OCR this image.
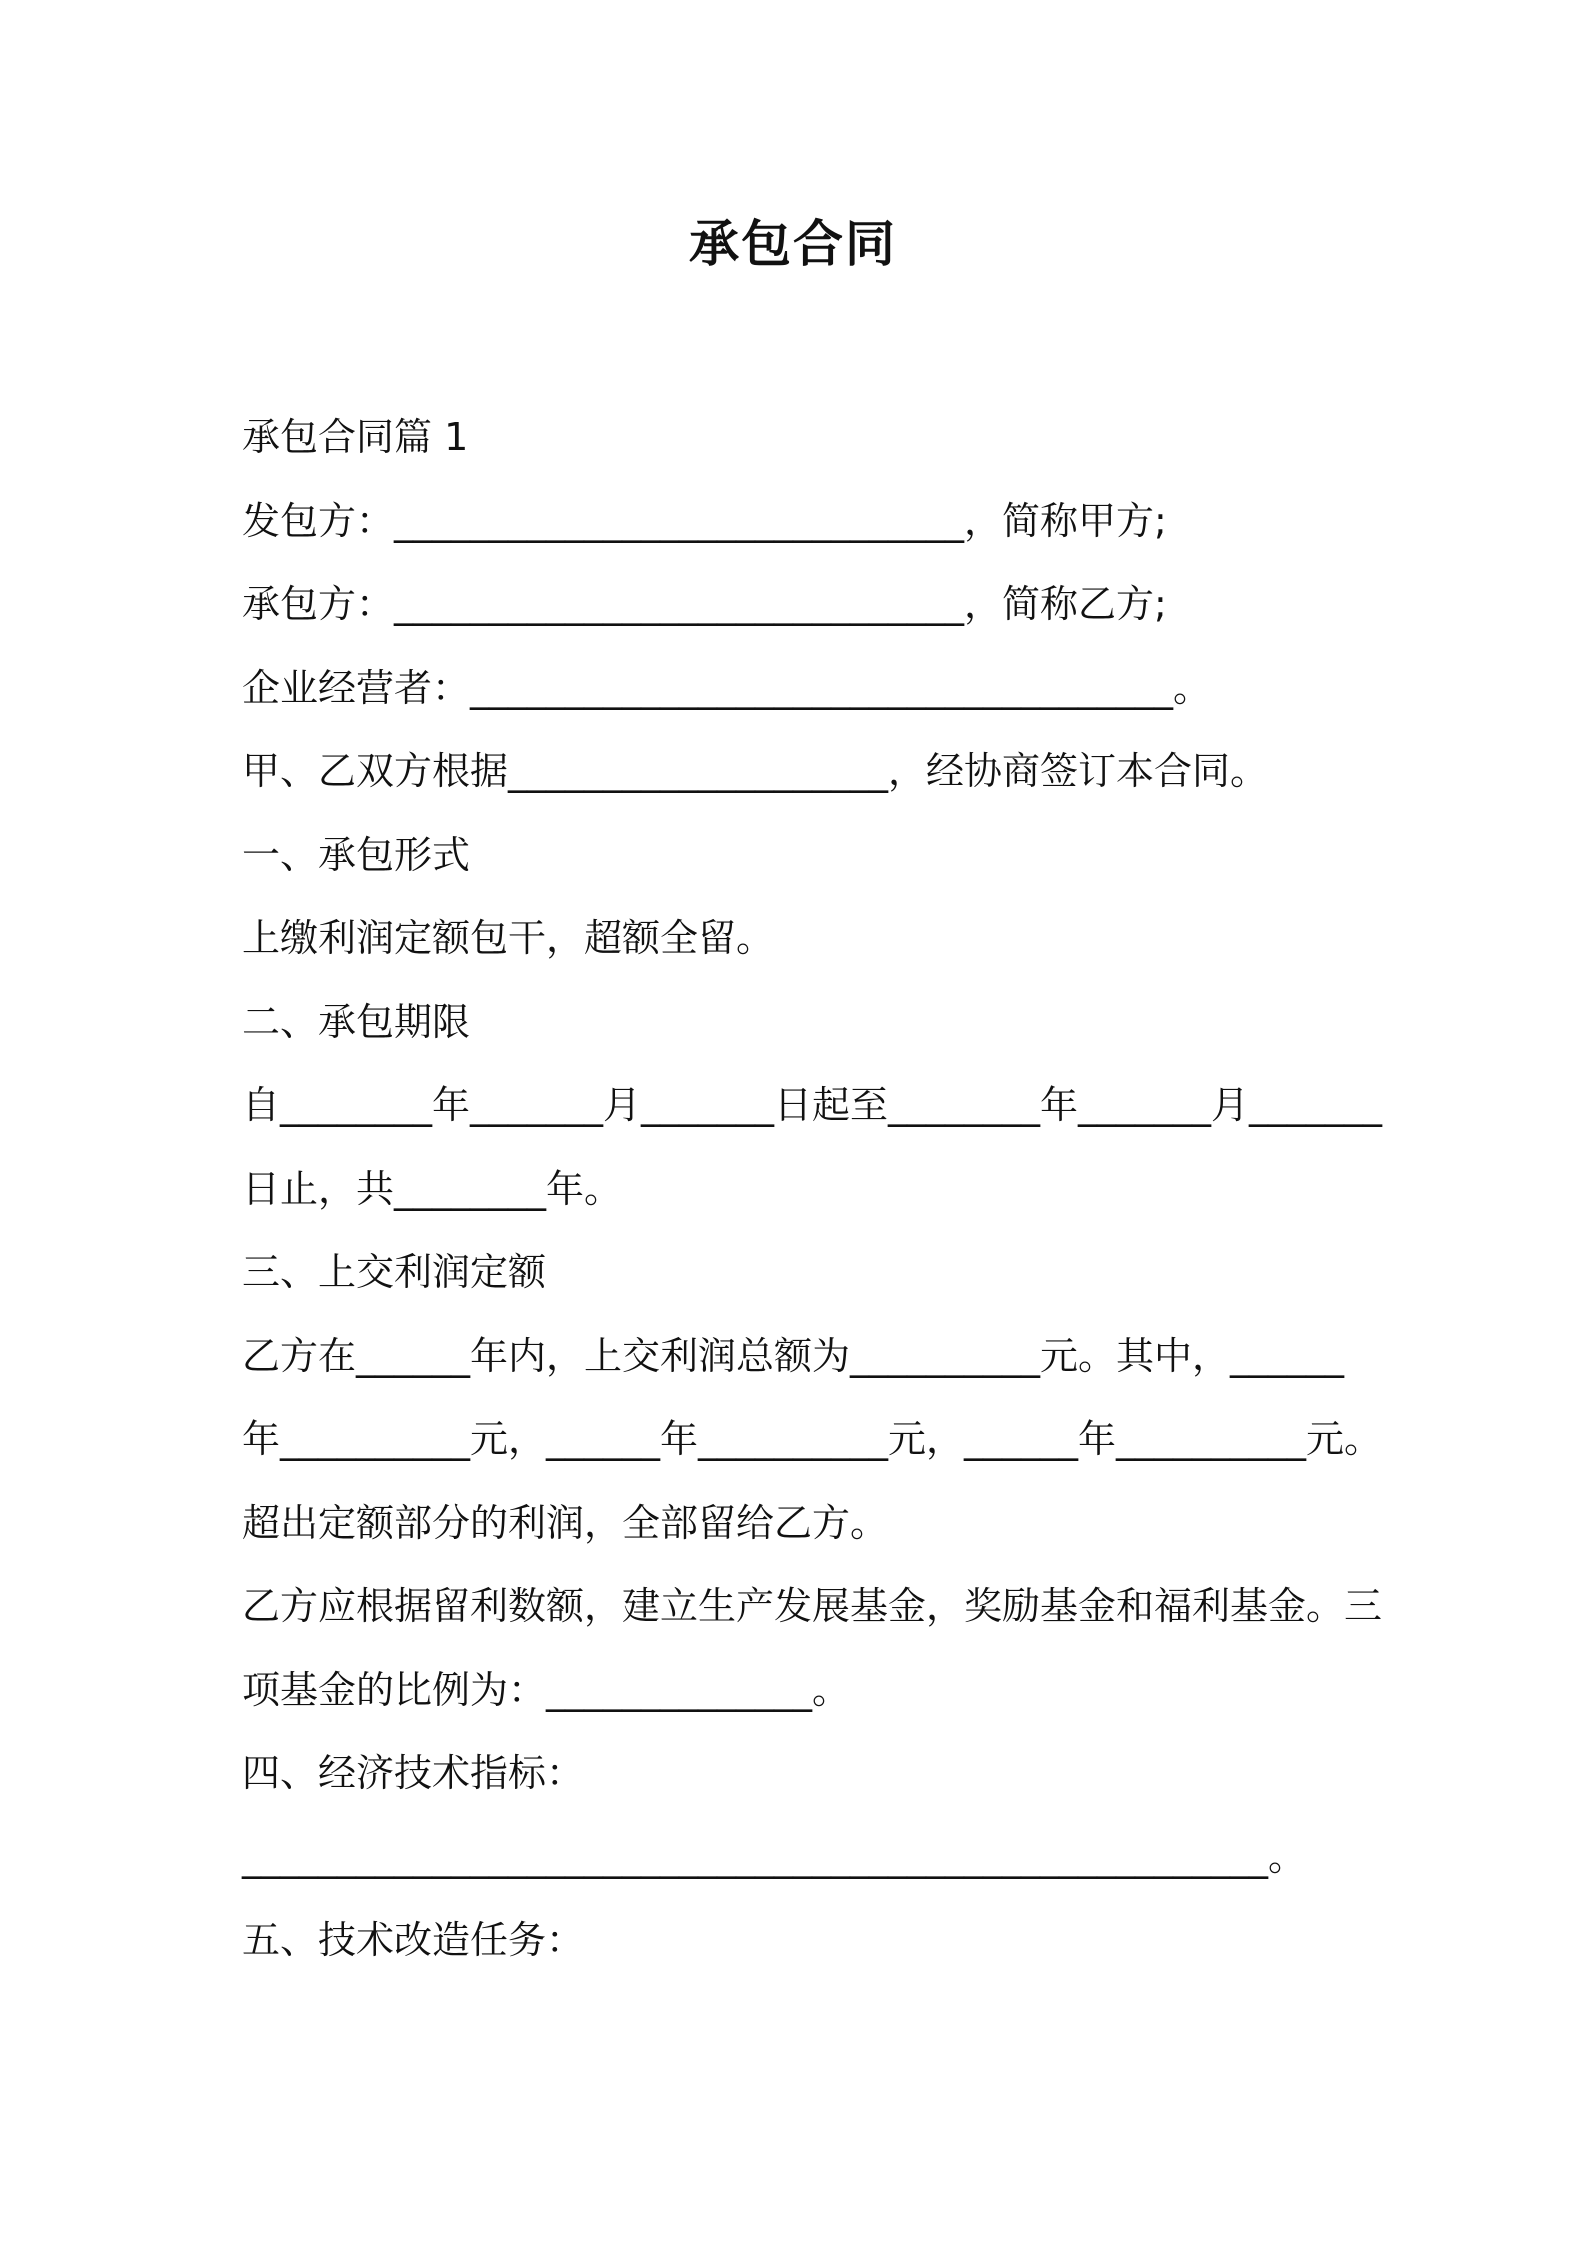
承包合同
承包合同篇 1
发包方：______________________________，简称甲方;
承包方：______________________________，简称乙方;
企业经营者：_____________________________________。
甲、乙双方根据____________________，经协商签订本合同。
一、承包形式
上缴利润定额包干，超额全留。
二、承包期限
自________年_______月_______日起至________年_______月_______
日止，共________年。
三、上交利润定额
乙方在______年内，上交利润总额为__________元。其中，______
年__________元，______年__________元，______年__________元。
超出定额部分的利润，全部留给乙方。
乙方应根据留利数额，建立生产发展基金，奖励基金和福利基金。三
项基金的比例为：______________。
四、经济技术指标：
______________________________________________________。
五、技术改造任务：
